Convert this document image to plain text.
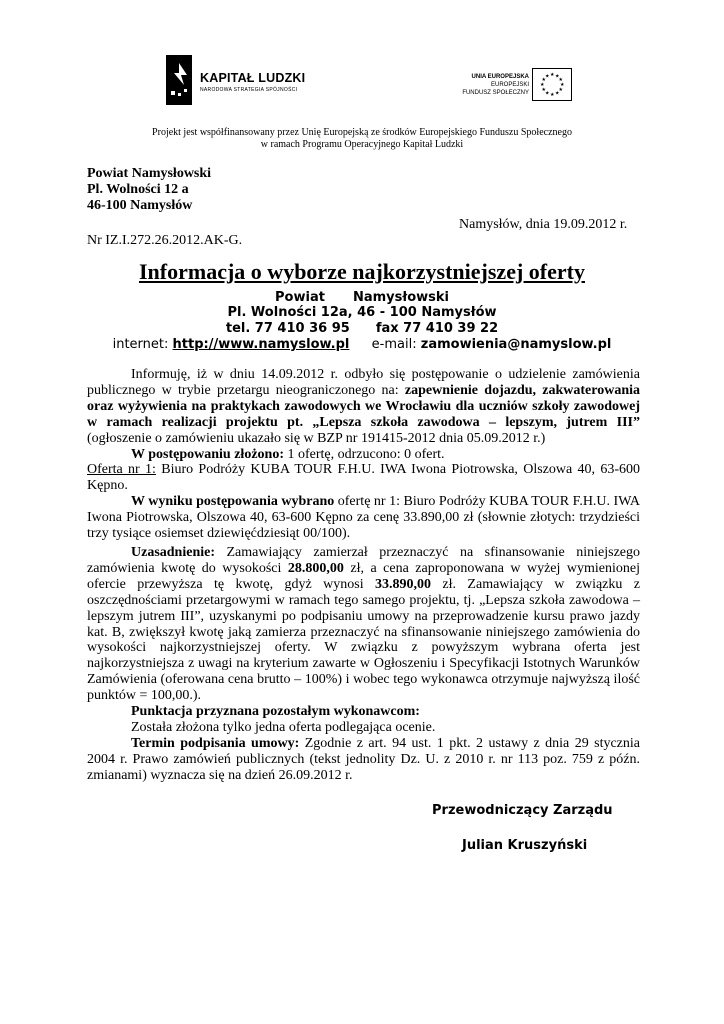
KAPITAŁ LUDZKI
NARODOWA STRATEGIA SPÓJNOŚCI
UNIA EUROPEJSKA
EUROPEJSKI
FUNDUSZ SPOŁECZNY
★ ★
★
★
★
★
★
★
★
★
★
★
Projekt jest współfinansowany przez Unię Europejską ze środków Europejskiego Funduszu Społecznego
w ramach Programu Operacyjnego Kapitał Ludzki
Powiat Namysłowski
Pl. Wolności 12 a
46-100 Namysłów
Namysłów, dnia 19.09.2012 r.
Nr IZ.I.272.26.2012.AK-G.
Informacja o wyborze najkorzystniejszej oferty
Powiat Namysłowski
Pl. Wolności 12a, 46 - 100 Namysłów
tel. 77 410 36 95 fax 77 410 39 22
internet: http://www.namyslow.pl e-mail: zamowienia@namyslow.pl

Informuję, iż w dniu 14.09.2012 r. odbyło się postępowanie o udzielenie zamówienia publicznego w trybie przetargu nieograniczonego na: zapewnienie dojazdu, zakwaterowania oraz wyżywienia na praktykach zawodowych we Wrocławiu dla uczniów szkoły zawodowej w ramach realizacji projektu pt. „Lepsza szkoła zawodowa – lepszym, jutrem III” (ogłoszenie o zamówieniu ukazało się w BZP nr 191415-2012 dnia 05.09.2012 r.)

W postępowaniu złożono: 1 ofertę, odrzucono: 0 ofert.

Oferta nr 1: Biuro Podróży KUBA TOUR F.H.U. IWA Iwona Piotrowska, Olszowa 40, 63-600 Kępno.

W wyniku postępowania wybrano ofertę nr 1: Biuro Podróży KUBA TOUR F.H.U. IWA Iwona Piotrowska, Olszowa 40, 63-600 Kępno za cenę 33.890,00 zł (słownie złotych: trzydzieści trzy tysiące osiemset dziewięćdziesiąt 00/100).

Uzasadnienie: Zamawiający zamierzał przeznaczyć na sfinansowanie niniejszego zamówienia kwotę do wysokości 28.800,00 zł, a cena zaproponowana w wyżej wymienionej ofercie przewyższa tę kwotę, gdyż wynosi 33.890,00 zł. Zamawiający w związku z oszczędnościami przetargowymi w ramach tego samego projektu, tj. „Lepsza szkoła zawodowa – lepszym jutrem III”, uzyskanymi po podpisaniu umowy na przeprowadzenie kursu prawo jazdy kat. B, zwiększył kwotę jaką zamierza przeznaczyć na sfinansowanie niniejszego zamówienia do wysokości najkorzystniejszej oferty. W związku z powyższym wybrana oferta jest najkorzystniejsza z uwagi na kryterium zawarte w Ogłoszeniu i Specyfikacji Istotnych Warunków Zamówienia (oferowana cena brutto – 100%) i wobec tego wykonawca otrzymuje najwyższą ilość punktów = 100,00.).

Punktacja przyznana pozostałym wykonawcom:

Została złożona tylko jedna oferta podlegająca ocenie.

Termin podpisania umowy: Zgodnie z art. 94 ust. 1 pkt. 2 ustawy z dnia 29 stycznia 2004 r. Prawo zamówień publicznych (tekst jednolity Dz. U. z 2010 r. nr 113 poz. 759 z późn. zmianami) wyznacza się na dzień 26.09.2012 r.

Przewodniczący Zarządu
Julian Kruszyński
